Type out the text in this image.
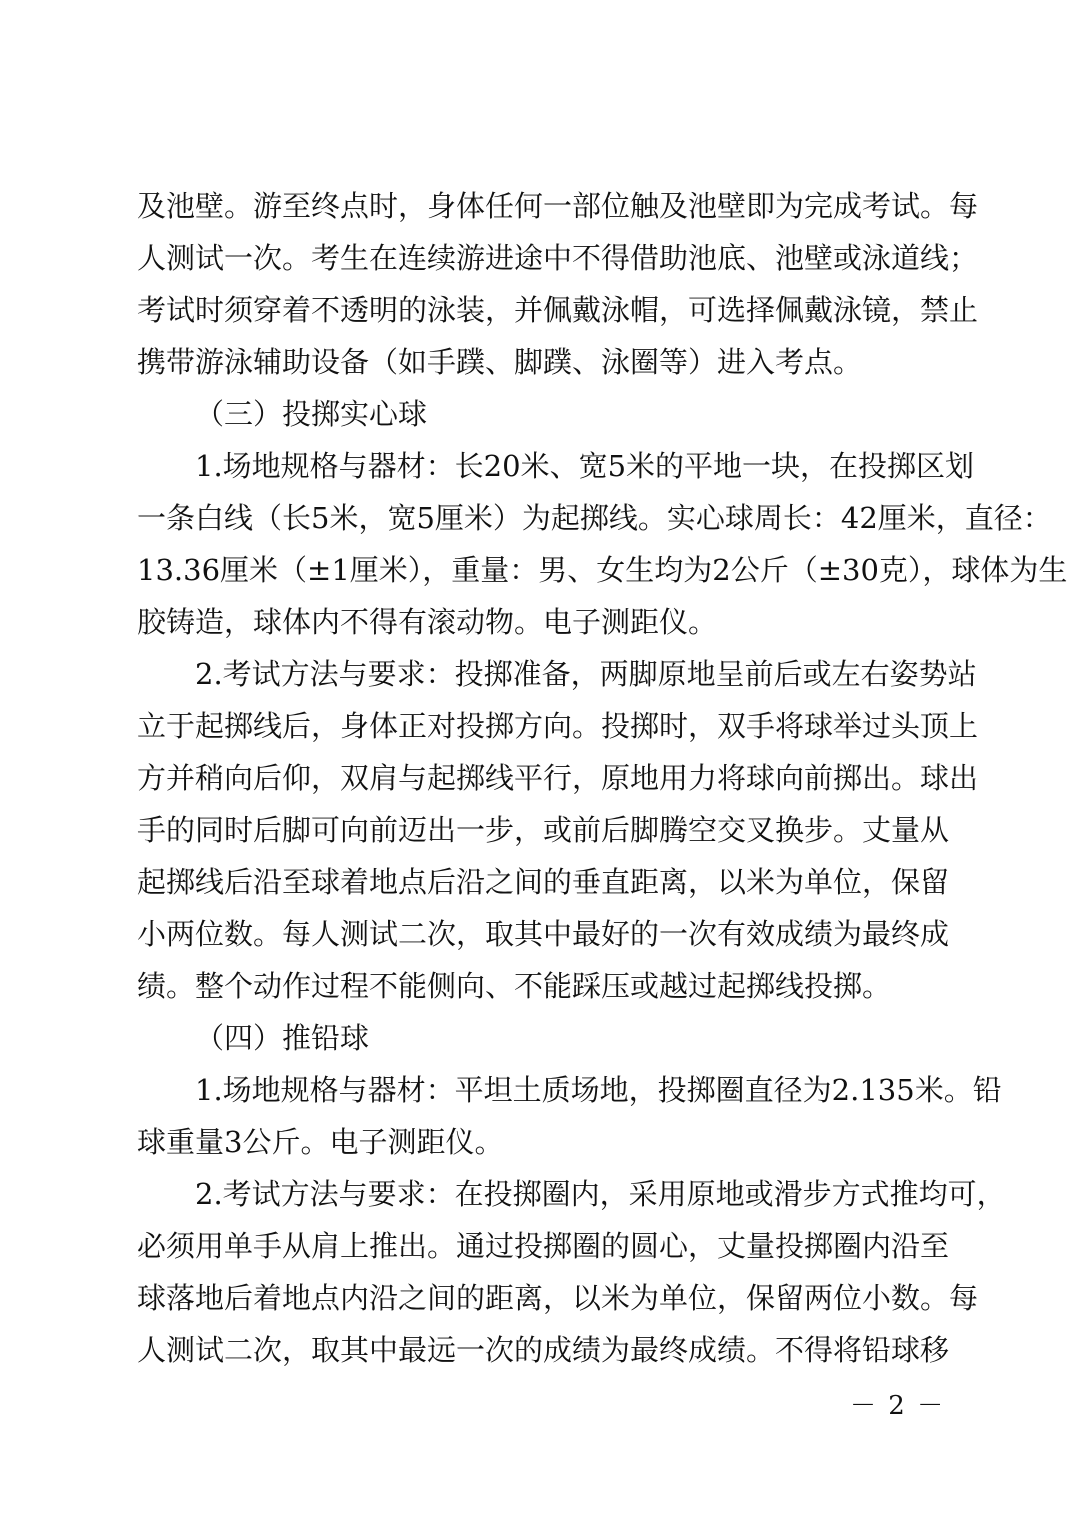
及池壁。游至终点时，身体任何一部位触及池壁即为完成考试。每
人测试一次。考生在连续游进途中不得借助池底、池壁或泳道线；
考试时须穿着不透明的泳装，并佩戴泳帽，可选择佩戴泳镜，禁止
携带游泳辅助设备（如手蹼、脚蹼、泳圈等）进入考点。
（三）投掷实心球
1.场地规格与器材：长20米、宽5米的平地一块，在投掷区划
一条白线（长5米，宽5厘米）为起掷线。实心球周长：42厘米，直径：
13.36厘米（±1厘米），重量：男、女生均为2公斤（±30克），球体为生
胶铸造，球体内不得有滚动物。电子测距仪。
2.考试方法与要求：投掷准备，两脚原地呈前后或左右姿势站
立于起掷线后，身体正对投掷方向。投掷时，双手将球举过头顶上
方并稍向后仰，双肩与起掷线平行，原地用力将球向前掷出。球出
手的同时后脚可向前迈出一步，或前后脚腾空交叉换步。丈量从
起掷线后沿至球着地点后沿之间的垂直距离，以米为单位，保留
小两位数。每人测试二次，取其中最好的一次有效成绩为最终成
绩。整个动作过程不能侧向、不能踩压或越过起掷线投掷。
（四）推铅球
1.场地规格与器材：平坦土质场地，投掷圈直径为2.135米。铅
球重量3公斤。电子测距仪。
2.考试方法与要求：在投掷圈内，采用原地或滑步方式推均可，
必须用单手从肩上推出。通过投掷圈的圆心，丈量投掷圈内沿至
球落地后着地点内沿之间的距离，以米为单位，保留两位小数。每
人测试二次，取其中最远一次的成绩为最终成绩。不得将铅球移
－ 2 －
